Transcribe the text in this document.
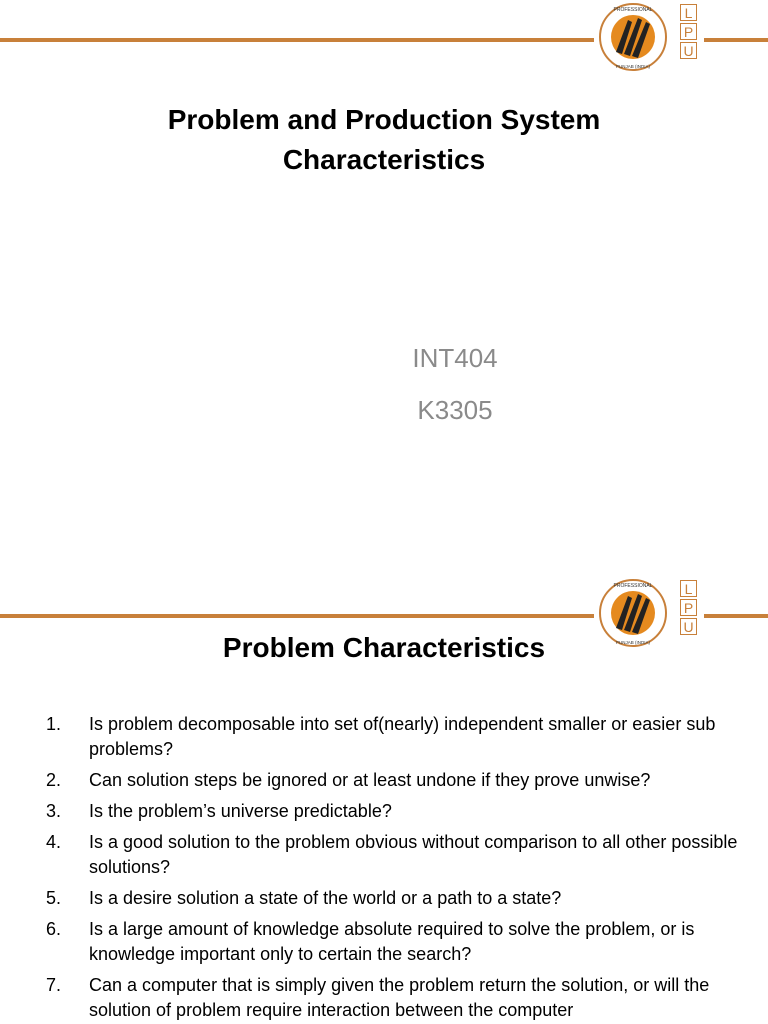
PROFESSIONAL
PUNJAB (INDIA)
L
P
U
Problem and Production System
Characteristics
INT404
K3305
PROFESSIONAL
PUNJAB (INDIA)
L
P
U
Problem Characteristics
1.	Is problem decomposable into set of(nearly) independent smaller or easier sub problems?
2.	Can solution steps be ignored or at least undone if they prove unwise?
3.	Is the problem’s universe predictable?
4.	Is a good solution to the problem obvious without comparison to all other possible solutions?
5.	Is a desire solution a state of the world or a path to a state?
6.	Is a large amount of knowledge absolute required to solve the problem, or is knowledge important only to certain the search?
7.	Can a computer that is simply given the problem return the solution, or will the solution of problem require interaction between the computer
